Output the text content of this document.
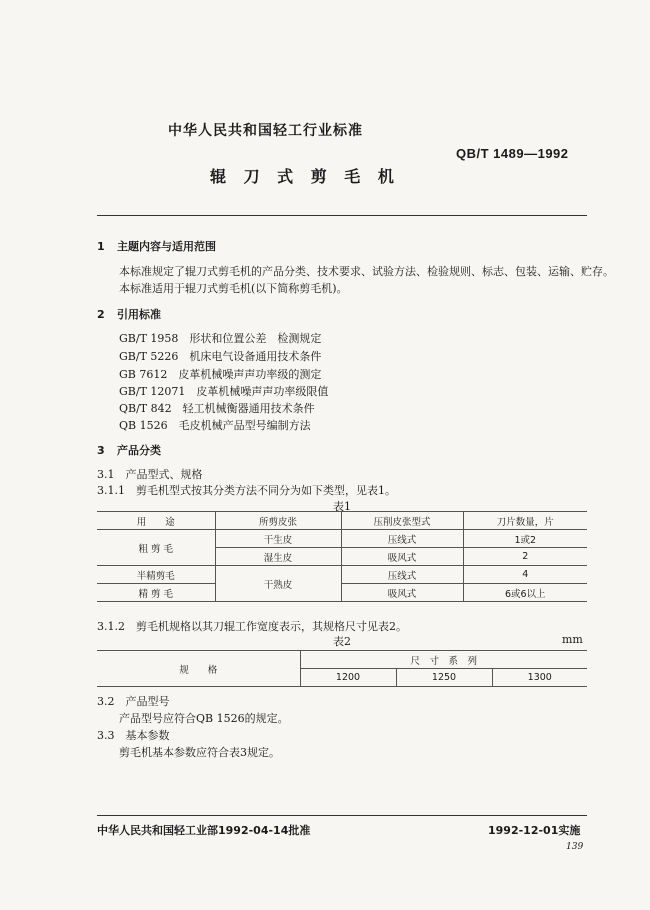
中华人民共和国轻工行业标准
QB/T 1489—1992
辊 刀 式 剪 毛 机
1 主题内容与适用范围
本标准规定了辊刀式剪毛机的产品分类、技术要求、试验方法、检验规则、标志、包装、运输、贮存。
本标准适用于辊刀式剪毛机(以下简称剪毛机)。
2 引用标准
GB/T 1958　形状和位置公差　检测规定
GB/T 5226　机床电气设备通用技术条件
GB 7612　皮革机械噪声声功率级的测定
GB/T 12071　皮革机械噪声声功率级限值
QB/T 842　轻工机械衡器通用技术条件
QB 1526　毛皮机械产品型号编制方法
3 产品分类
3.1　产品型式、规格
3.1.1　剪毛机型式按其分类方法不同分为如下类型，见表1。
表1
用　　途	所剪皮张	压削皮张型式	刀片数量，片
粗 剪 毛	干生皮	压线式	1或2
	湿生皮	吸风式	2
半精剪毛	干熟皮	压线式	4
精 剪 毛		吸风式	6或6以上
3.1.2　剪毛机规格以其刀辊工作宽度表示，其规格尺寸见表2。
表2	mm
规　　格	尺　寸　系　列		
	1200	1250	1300
3.2　产品型号
产品型号应符合QB 1526的规定。
3.3　基本参数
剪毛机基本参数应符合表3规定。
中华人民共和国轻工业部1992-04-14批准	1992-12-01实施
139
